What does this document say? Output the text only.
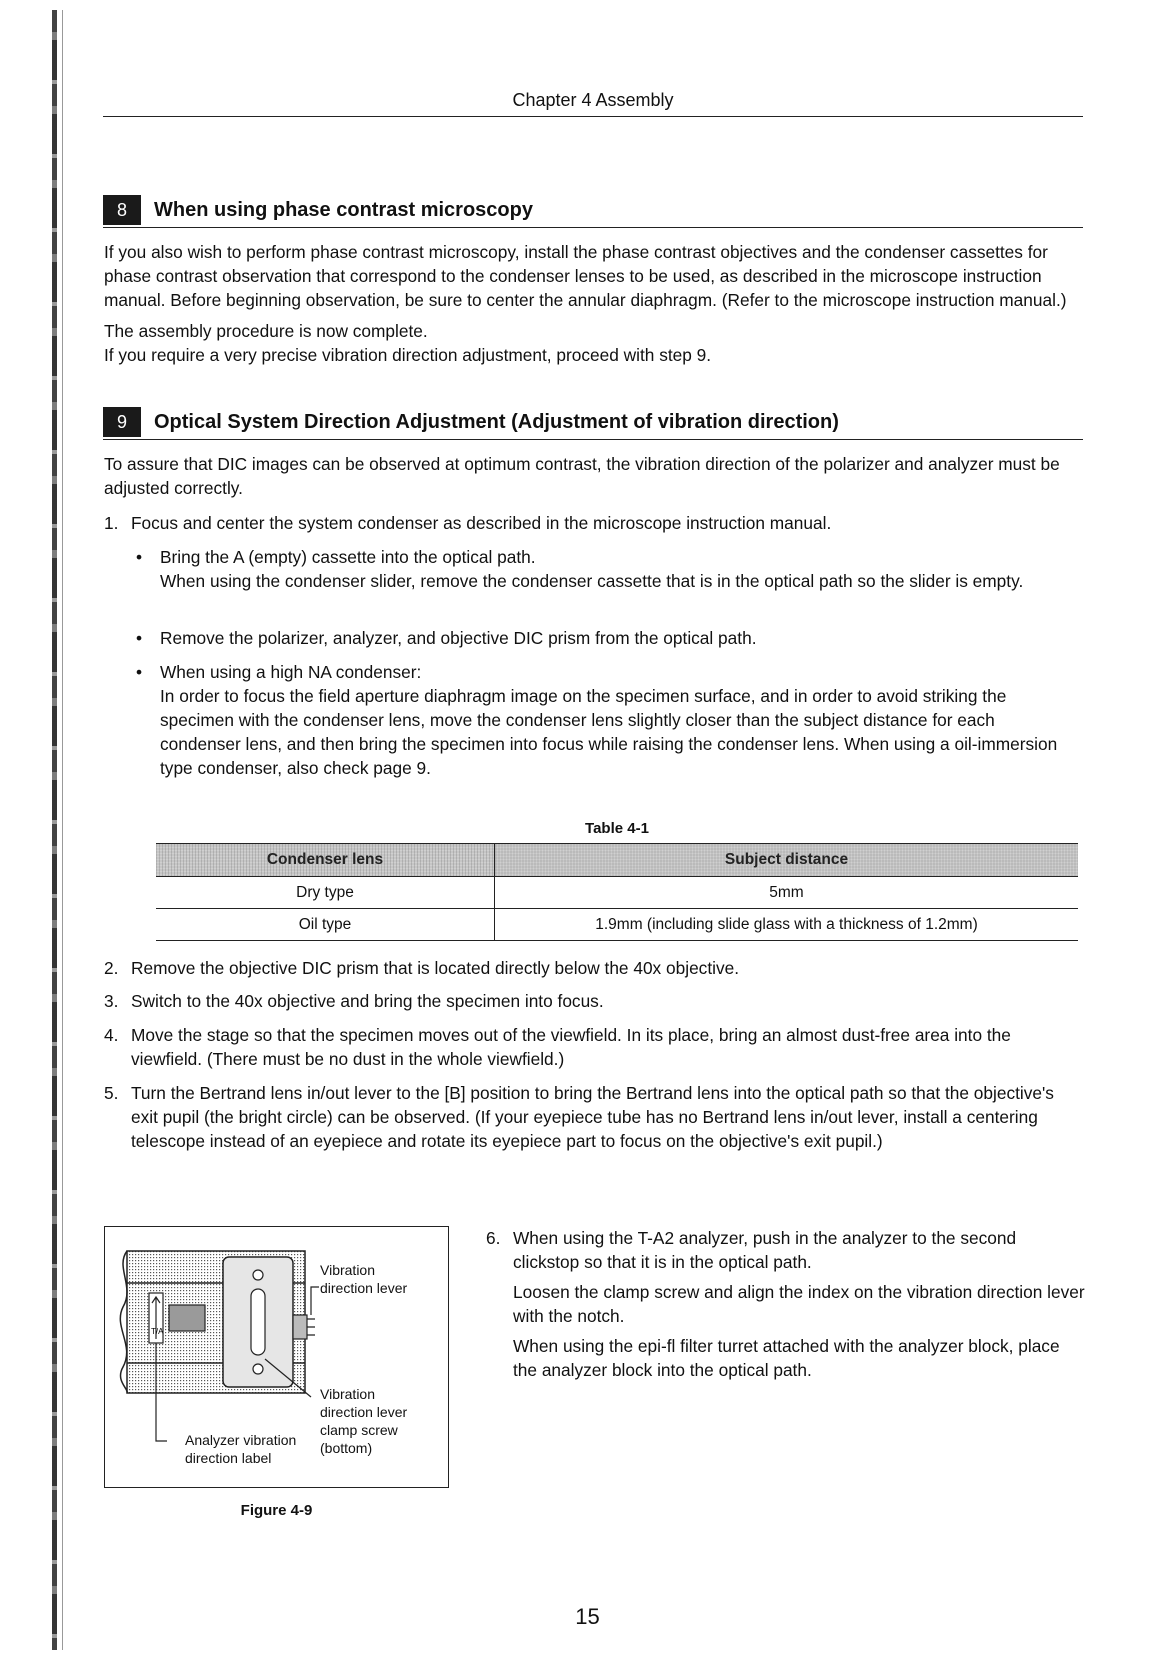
Chapter 4 Assembly
8	When using phase contrast microscopy

If you also wish to perform phase contrast microscopy, install the phase contrast objectives and the condenser cassettes for phase contrast observation that correspond to the condenser lenses to be used, as described in the microscope instruction manual. Before beginning observation, be sure to center the annular diaphragm. (Refer to the microscope instruction manual.)

The assembly procedure is now complete.

If you require a very precise vibration direction adjustment, proceed with step 9.

9	Optical System Direction Adjustment (Adjustment of vibration direction)

To assure that DIC images can be observed at optimum contrast, the vibration direction of the polarizer and analyzer must be adjusted correctly.

1. Focus and center the system condenser as described in the microscope instruction manual.
•	Bring the A (empty) cassette into the optical path.
When using the condenser slider, remove the condenser cassette that is in the optical path so the slider is empty.
•	Remove the polarizer, analyzer, and objective DIC prism from the optical path.
•	When using a high NA condenser:
In order to focus the field aperture diaphragm image on the specimen surface, and in order to avoid striking the specimen with the condenser lens, move the condenser lens slightly closer than the subject distance for each condenser lens, and then bring the specimen into focus while raising the condenser lens. When using a oil-immersion type condenser, also check page 9.
Table 4-1
Condenser lens	Subject distance
Dry type	5mm
Oil type	1.9mm (including slide glass with a thickness of 1.2mm)
2. Remove the objective DIC prism that is located directly below the 40x objective.
3. Switch to the 40x objective and bring the specimen into focus.
4. Move the stage so that the specimen moves out of the viewfield. In its place, bring an almost dust-free area into the viewfield. (There must be no dust in the whole viewfield.)
5. Turn the Bertrand lens in/out lever to the [B] position to bring the Bertrand lens into the optical path so that the objective's exit pupil (the bright circle) can be observed. (If your eyepiece tube has no Bertrand lens in/out lever, install a centering telescope instead of an eyepiece and rotate its eyepiece part to focus on the objective's exit pupil.)
T/A
Vibration
direction lever
Vibration
direction lever
clamp screw
(bottom)
Analyzer vibration
direction label
Figure 4-9
6. When using the T-A2 analyzer, push in the analyzer to the second clickstop so that it is in the optical path.

Loosen the clamp screw and align the index on the vibration direction lever with the notch.

When using the epi-fl filter turret attached with the analyzer block, place the analyzer block into the optical path.

15
